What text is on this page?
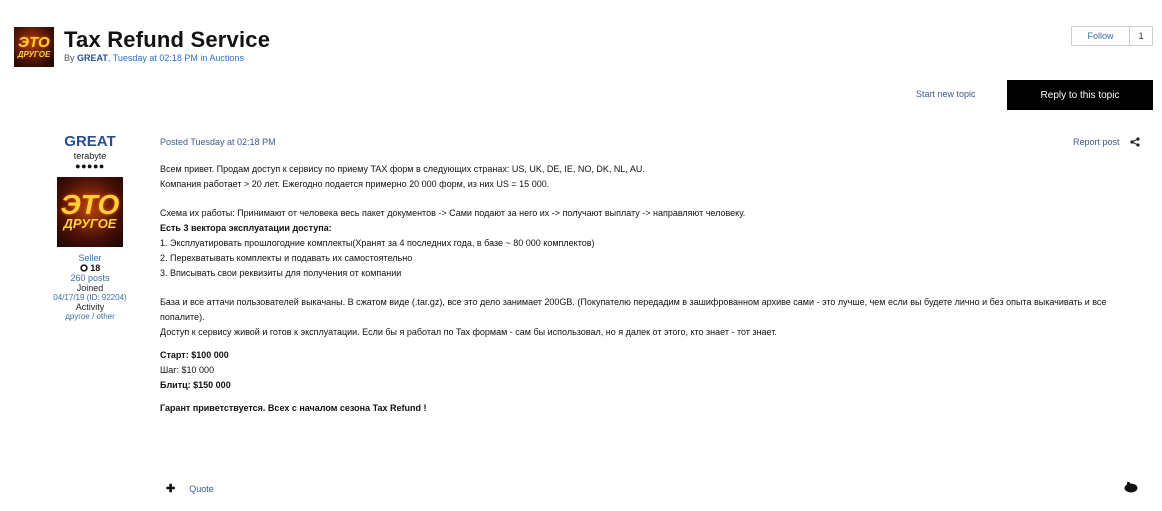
ЭТО
ДРУГОЕ
Tax Refund Service
By GREAT, Tuesday at 02:18 PM in Auctions
Follow	1
Start new topic	Reply to this topic
GREAT
terabyte
●●●●●
ЭТО
ДРУГОЕ
Seller
18
260 posts
Joined
04/17/19 (ID: 92204)
Activity
другое / other
Posted Tuesday at 02:18 PM	Report post

Всем привет. Продам доступ к сервису по приему TAX форм в следующих странах: US, UK, DE, IE, NO, DK, NL, AU.

Компания работает > 20 лет. Ежегодно подается примерно 20 000 форм, из них US = 15 000.

Схема их работы: Принимают от человека весь пакет документов -> Сами подают за него их -> получают выплату -> направляют человеку.

Есть 3 вектора эксплуатации доступа:

1. Эксплуатировать прошлогодние комплекты(Хранят за 4 последних года, в базе ~ 80 000 комплектов)

2. Перехватывать комплекты и подавать их самостоятельно

3. Вписывать свои реквизиты для получения от компании

База и все аттачи пользователей выкачаны. В сжатом виде (.tar.gz), все это дело занимает 200GB. (Покупателю передадим в зашифрованном архиве сами - это лучше, чем если вы будете лично и без опыта выкачивать и все попалите).

Доступ к сервису живой и готов к эксплуатации. Если бы я работал по Tax формам - сам бы использовал, но я далек от этого, кто знает - тот знает.

Старт: $100 000

Шаг: $10 000

Блитц: $150 000

Гарант приветствуется. Всех с началом сезона Tax Refund !

✚ Quote
